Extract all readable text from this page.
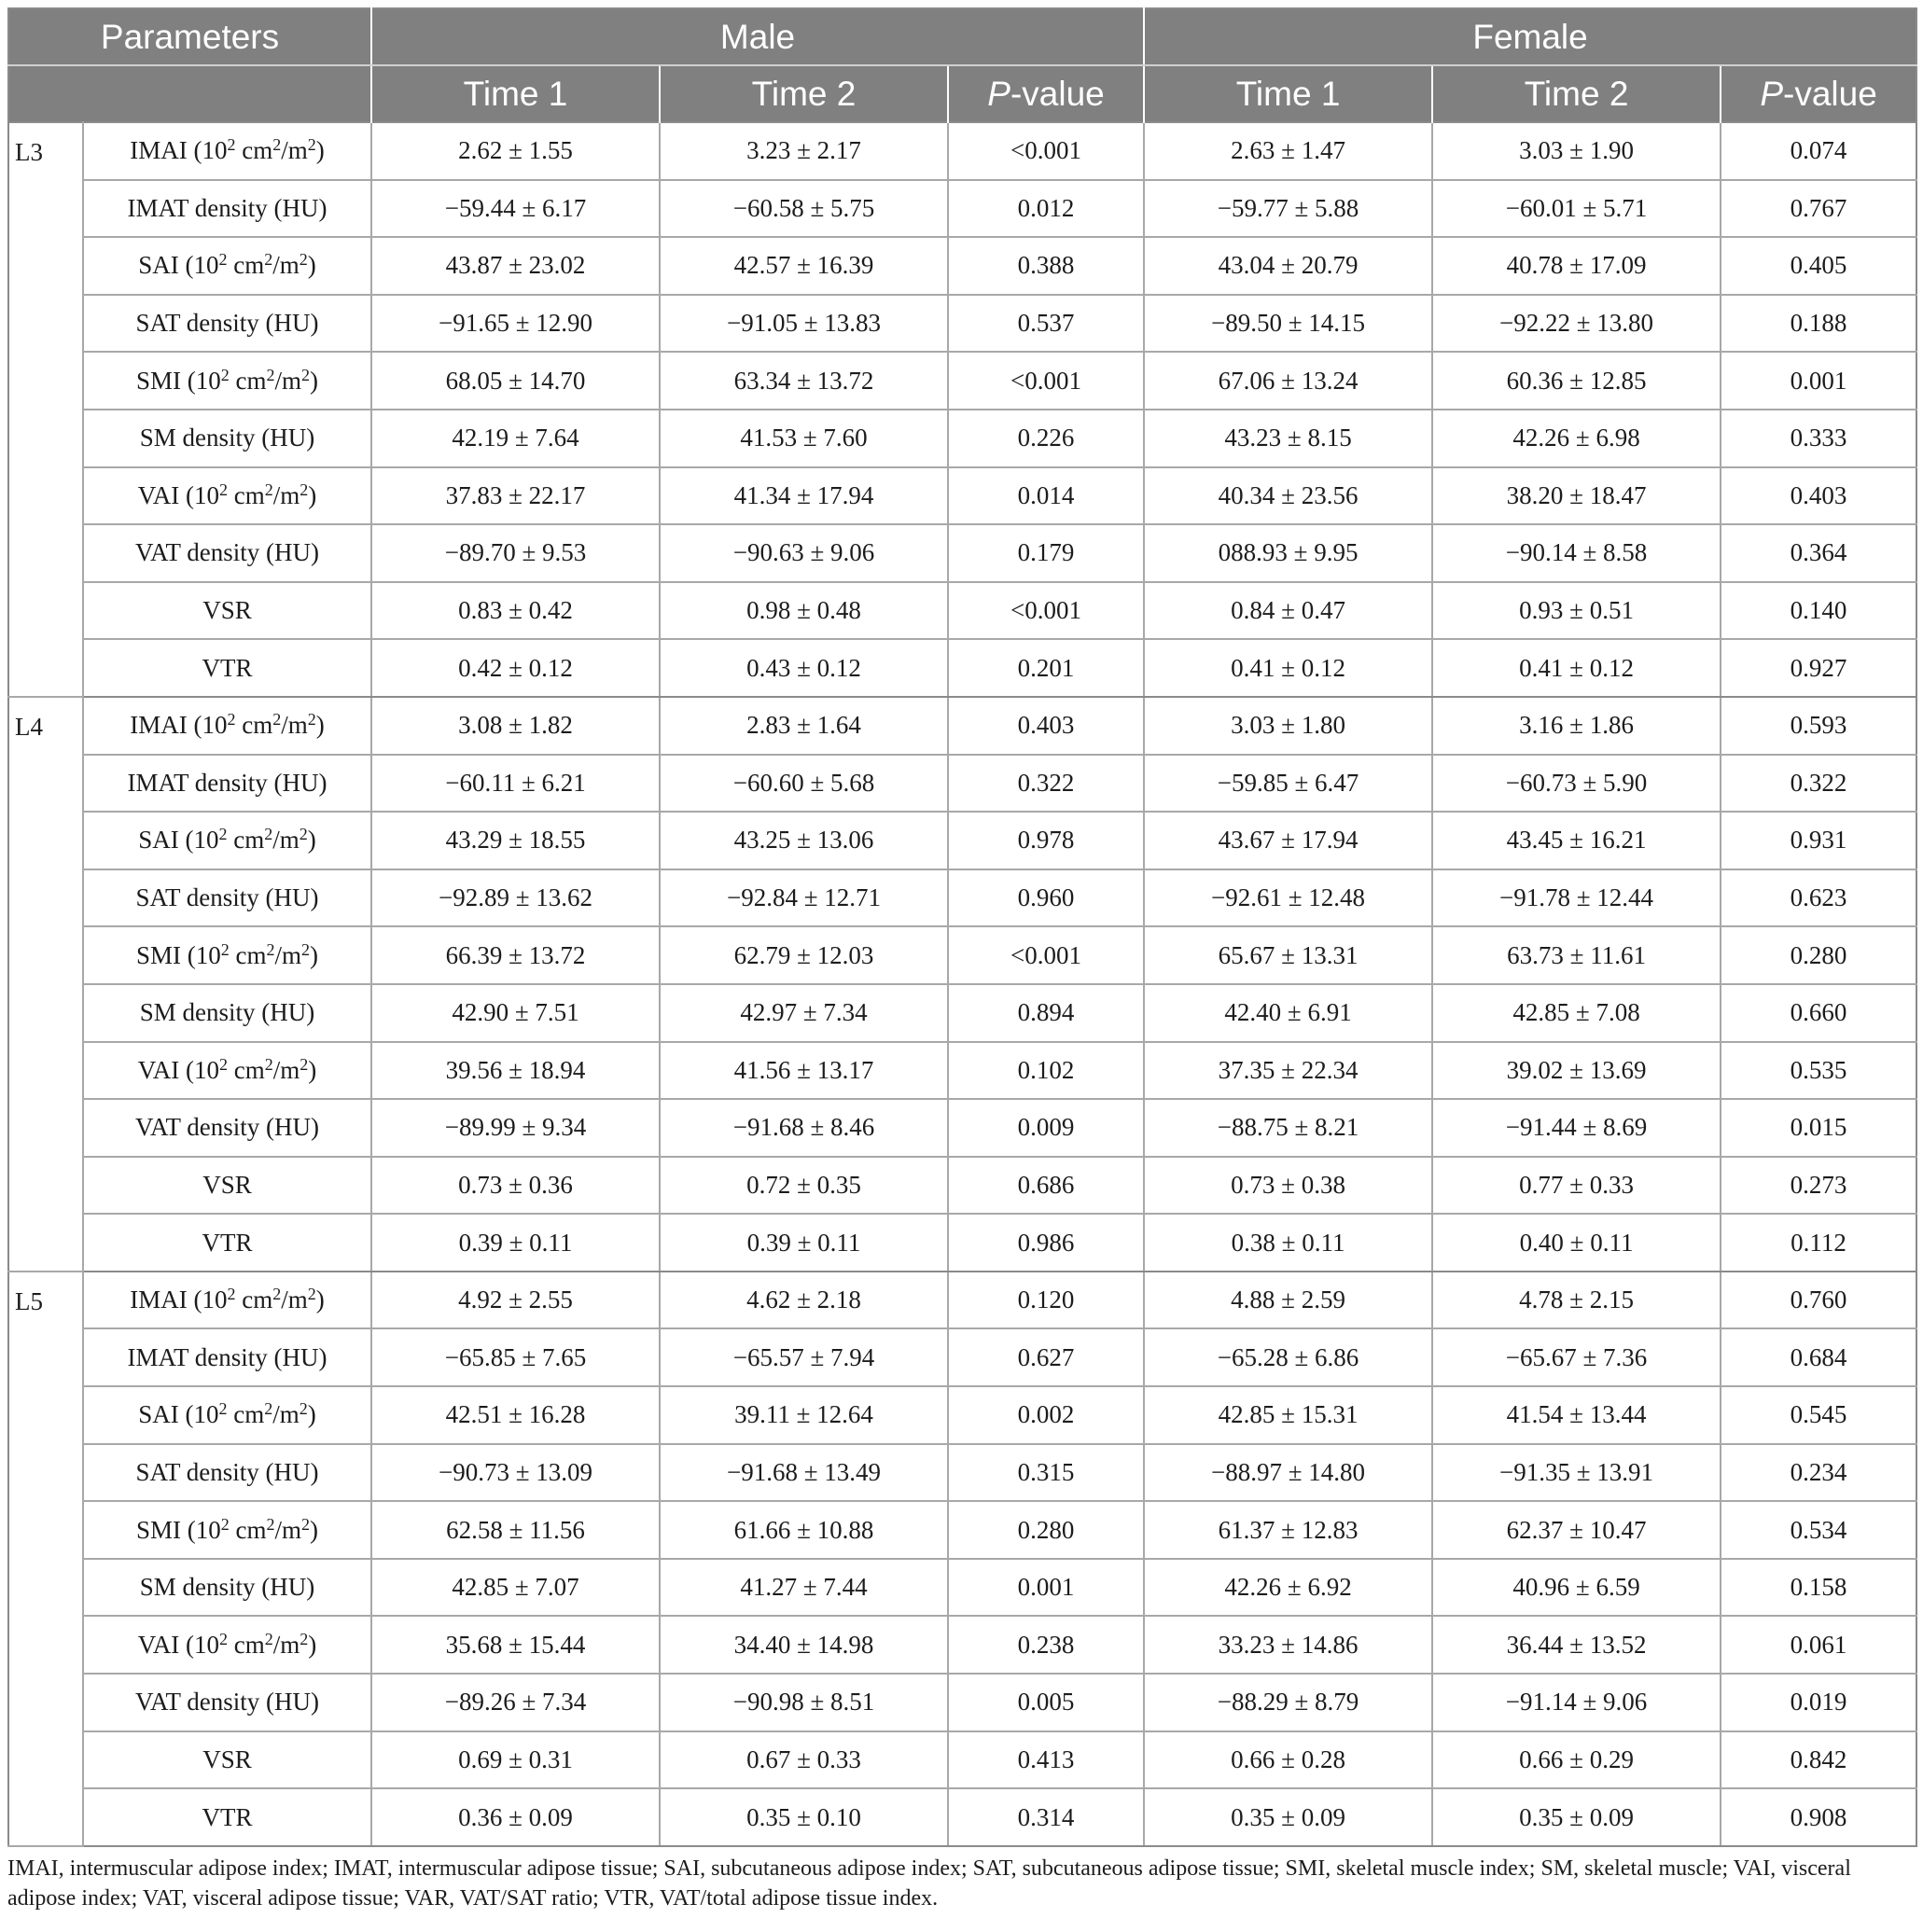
Parameters		Male			Female		
		Time 1	Time 2	P-value	Time 1	Time 2	P-value
L3	IMAI ($10^2$ $cm^2/m^2$)	2.62 ± 1.55	3.23 ± 2.17	<0.001	2.63 ± 1.47	3.03 ± 1.90	0.074
	IMAT density (HU)	−59.44 ± 6.17	−60.58 ± 5.75	0.012	−59.77 ± 5.88	−60.01 ± 5.71	0.767
	SAI ($10^2$ $cm^2/m^2$)	43.87 ± 23.02	42.57 ± 16.39	0.388	43.04 ± 20.79	40.78 ± 17.09	0.405
	SAT density (HU)	−91.65 ± 12.90	−91.05 ± 13.83	0.537	−89.50 ± 14.15	−92.22 ± 13.80	0.188
	SMI ($10^2$ $cm^2/m^2$)	68.05 ± 14.70	63.34 ± 13.72	<0.001	67.06 ± 13.24	60.36 ± 12.85	0.001
	SM density (HU)	42.19 ± 7.64	41.53 ± 7.60	0.226	43.23 ± 8.15	42.26 ± 6.98	0.333
	VAI ($10^2$ $cm^2/m^2$)	37.83 ± 22.17	41.34 ± 17.94	0.014	40.34 ± 23.56	38.20 ± 18.47	0.403
	VAT density (HU)	−89.70 ± 9.53	−90.63 ± 9.06	0.179	088.93 ± 9.95	−90.14 ± 8.58	0.364
	VSR	0.83 ± 0.42	0.98 ± 0.48	<0.001	0.84 ± 0.47	0.93 ± 0.51	0.140
	VTR	0.42 ± 0.12	0.43 ± 0.12	0.201	0.41 ± 0.12	0.41 ± 0.12	0.927
L4	IMAI ($10^2$ $cm^2/m^2$)	3.08 ± 1.82	2.83 ± 1.64	0.403	3.03 ± 1.80	3.16 ± 1.86	0.593
	IMAT density (HU)	−60.11 ± 6.21	−60.60 ± 5.68	0.322	−59.85 ± 6.47	−60.73 ± 5.90	0.322
	SAI ($10^2$ $cm^2/m^2$)	43.29 ± 18.55	43.25 ± 13.06	0.978	43.67 ± 17.94	43.45 ± 16.21	0.931
	SAT density (HU)	−92.89 ± 13.62	−92.84 ± 12.71	0.960	−92.61 ± 12.48	−91.78 ± 12.44	0.623
	SMI ($10^2$ $cm^2/m^2$)	66.39 ± 13.72	62.79 ± 12.03	<0.001	65.67 ± 13.31	63.73 ± 11.61	0.280
	SM density (HU)	42.90 ± 7.51	42.97 ± 7.34	0.894	42.40 ± 6.91	42.85 ± 7.08	0.660
	VAI ($10^2$ $cm^2/m^2$)	39.56 ± 18.94	41.56 ± 13.17	0.102	37.35 ± 22.34	39.02 ± 13.69	0.535
	VAT density (HU)	−89.99 ± 9.34	−91.68 ± 8.46	0.009	−88.75 ± 8.21	−91.44 ± 8.69	0.015
	VSR	0.73 ± 0.36	0.72 ± 0.35	0.686	0.73 ± 0.38	0.77 ± 0.33	0.273
	VTR	0.39 ± 0.11	0.39 ± 0.11	0.986	0.38 ± 0.11	0.40 ± 0.11	0.112
L5	IMAI ($10^2$ $cm^2/m^2$)	4.92 ± 2.55	4.62 ± 2.18	0.120	4.88 ± 2.59	4.78 ± 2.15	0.760
	IMAT density (HU)	−65.85 ± 7.65	−65.57 ± 7.94	0.627	−65.28 ± 6.86	−65.67 ± 7.36	0.684
	SAI ($10^2$ $cm^2/m^2$)	42.51 ± 16.28	39.11 ± 12.64	0.002	42.85 ± 15.31	41.54 ± 13.44	0.545
	SAT density (HU)	−90.73 ± 13.09	−91.68 ± 13.49	0.315	−88.97 ± 14.80	−91.35 ± 13.91	0.234
	SMI ($10^2$ $cm^2/m^2$)	62.58 ± 11.56	61.66 ± 10.88	0.280	61.37 ± 12.83	62.37 ± 10.47	0.534
	SM density (HU)	42.85 ± 7.07	41.27 ± 7.44	0.001	42.26 ± 6.92	40.96 ± 6.59	0.158
	VAI ($10^2$ $cm^2/m^2$)	35.68 ± 15.44	34.40 ± 14.98	0.238	33.23 ± 14.86	36.44 ± 13.52	0.061
	VAT density (HU)	−89.26 ± 7.34	−90.98 ± 8.51	0.005	−88.29 ± 8.79	−91.14 ± 9.06	0.019
	VSR	0.69 ± 0.31	0.67 ± 0.33	0.413	0.66 ± 0.28	0.66 ± 0.29	0.842
	VTR	0.36 ± 0.09	0.35 ± 0.10	0.314	0.35 ± 0.09	0.35 ± 0.09	0.908
IMAI, intermuscular adipose index; IMAT, intermuscular adipose tissue; SAI, subcutaneous adipose index; SAT, subcutaneous adipose tissue; SMI, skeletal muscle index; SM, skeletal muscle; VAI, visceral adipose index; VAT, visceral adipose tissue; VAR, VAT/SAT ratio; VTR, VAT/total adipose tissue index.
